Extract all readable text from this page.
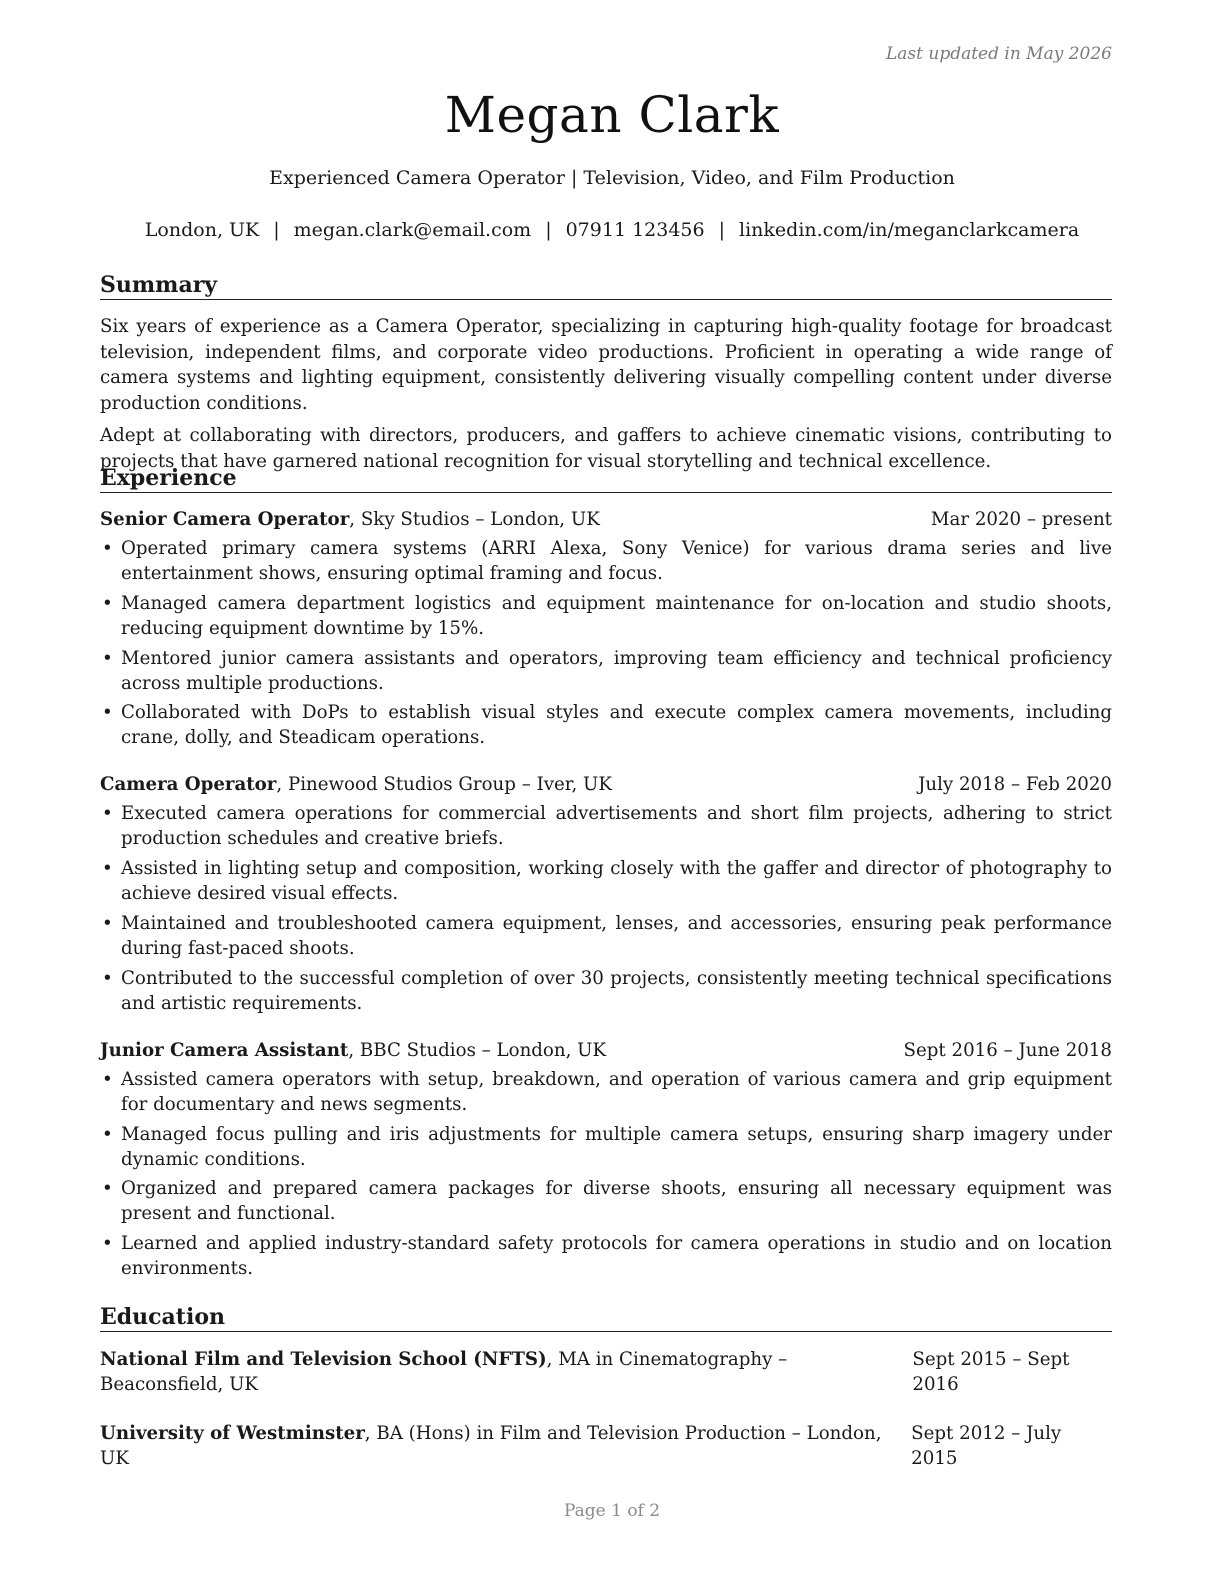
Last updated in May 2026
Megan Clark
Experienced Camera Operator | Television, Video, and Film Production
London, UK | megan.clark@email.com | 07911 123456 | linkedin.com/in/meganclarkcamera
Summary
Six years of experience as a Camera Operator, specializing in capturing high-quality footage for broadcast television, independent films, and corporate video productions. Proficient in operating a wide range of camera systems and lighting equipment, consistently delivering visually compelling content under diverse production conditions.
Adept at collaborating with directors, producers, and gaffers to achieve cinematic visions, contributing to projects that have garnered national recognition for visual storytelling and technical excellence.
Experience
Senior Camera Operator, Sky Studios – London, UK	Mar 2020 – present
• Operated primary camera systems (ARRI Alexa, Sony Venice) for various drama series and live entertainment shows, ensuring optimal framing and focus.
• Managed camera department logistics and equipment maintenance for on-location and studio shoots, reducing equipment downtime by 15%.
• Mentored junior camera assistants and operators, improving team efficiency and technical proficiency across multiple productions.
• Collaborated with DoPs to establish visual styles and execute complex camera movements, including crane, dolly, and Steadicam operations.
Camera Operator, Pinewood Studios Group – Iver, UK	July 2018 – Feb 2020
• Executed camera operations for commercial advertisements and short film projects, adhering to strict production schedules and creative briefs.
• Assisted in lighting setup and composition, working closely with the gaffer and director of photography to achieve desired visual effects.
• Maintained and troubleshooted camera equipment, lenses, and accessories, ensuring peak performance during fast-paced shoots.
• Contributed to the successful completion of over 30 projects, consistently meeting technical specifications and artistic requirements.
Junior Camera Assistant, BBC Studios – London, UK	Sept 2016 – June 2018
• Assisted camera operators with setup, breakdown, and operation of various camera and grip equipment for documentary and news segments.
• Managed focus pulling and iris adjustments for multiple camera setups, ensuring sharp imagery under dynamic conditions.
• Organized and prepared camera packages for diverse shoots, ensuring all necessary equipment was present and functional.
• Learned and applied industry-standard safety protocols for camera operations in studio and on location environments.
Education
National Film and Television School (NFTS), MA in Cinematography – Beaconsfield, UK
Sept 2015 – Sept 2016
University of Westminster, BA (Hons) in Film and Television Production – London, UK
Sept 2012 – July 2015
Page 1 of 2
